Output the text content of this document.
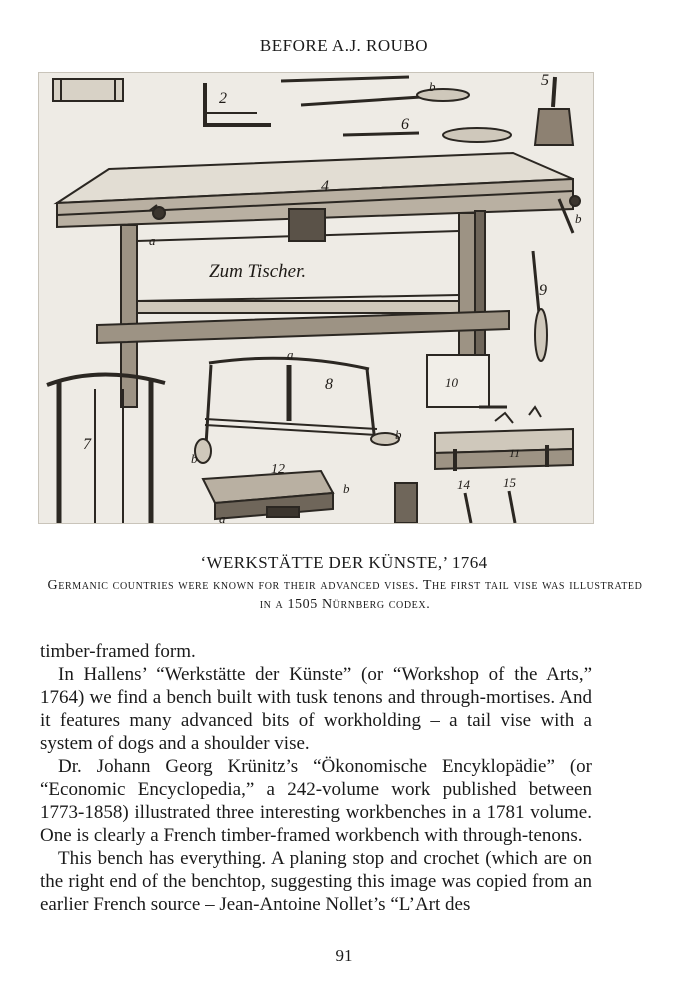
BEFORE A.J. ROUBO
2
4
5
6
7
8
9
10
11
12
14	15
a
a
a
b
b
b
b
b
Zum Tischer.
‘WERKSTÄTTE DER KÜNSTE,’ 1764
Germanic countries were known for their advanced vises. The first tail vise was illustrated in a 1505 Nürnberg codex.

timber-framed form.

In Hallens’ “Werkstätte der Künste” (or “Workshop of the Arts,” 1764) we find a bench built with tusk tenons and through-mortises. And it features many advanced bits of workholding – a tail vise with a system of dogs and a shoulder vise.

Dr. Johann Georg Krünitz’s “Ökonomische Encyklopädie” (or “Economic Encyclopedia,” a 242-volume work published between 1773-1858) illustrated three interesting workbenches in a 1781 volume. One is clearly a French timber-framed workbench with through-tenons.

This bench has everything. A planing stop and crochet (which are on the right end of the benchtop, suggesting this image was copied from an earlier French source – Jean-Antoine Nollet’s “L’Art des

91
